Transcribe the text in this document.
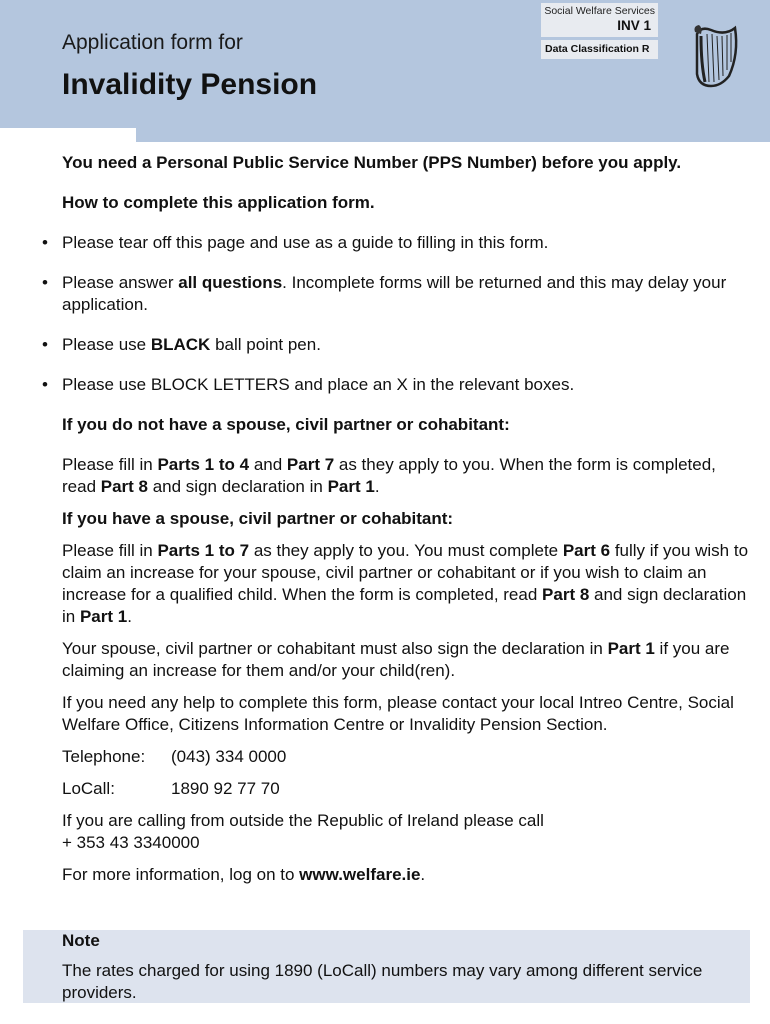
Application form for
Invalidity Pension
Social Welfare Services
INV 1
Data Classification R

You need a Personal Public Service Number (PPS Number) before you apply.

How to complete this application form.

• Please tear off this page and use as a guide to filling in this form.

• Please answer all questions. Incomplete forms will be returned and this may delay your application.

• Please use BLACK ball point pen.

• Please use BLOCK LETTERS and place an X in the relevant boxes.

If you do not have a spouse, civil partner or cohabitant:

Please fill in Parts 1 to 4 and Part 7 as they apply to you. When the form is completed, read Part 8 and sign declaration in Part 1.

If you have a spouse, civil partner or cohabitant:

Please fill in Parts 1 to 7 as they apply to you. You must complete Part 6 fully if you wish to claim an increase for your spouse, civil partner or cohabitant or if you wish to claim an increase for a qualified child. When the form is completed, read Part 8 and sign declaration in Part 1.

Your spouse, civil partner or cohabitant must also sign the declaration in Part 1 if you are claiming an increase for them and/or your child(ren).

If you need any help to complete this form, please contact your local Intreo Centre, Social Welfare Office, Citizens Information Centre or Invalidity Pension Section.

Telephone:	(043) 334 0000

LoCall:	1890 92 77 70

If you are calling from outside the Republic of Ireland please call

+ 353 43 3340000

For more information, log on to www.welfare.ie.

Note
The rates charged for using 1890 (LoCall) numbers may vary among different service providers.
